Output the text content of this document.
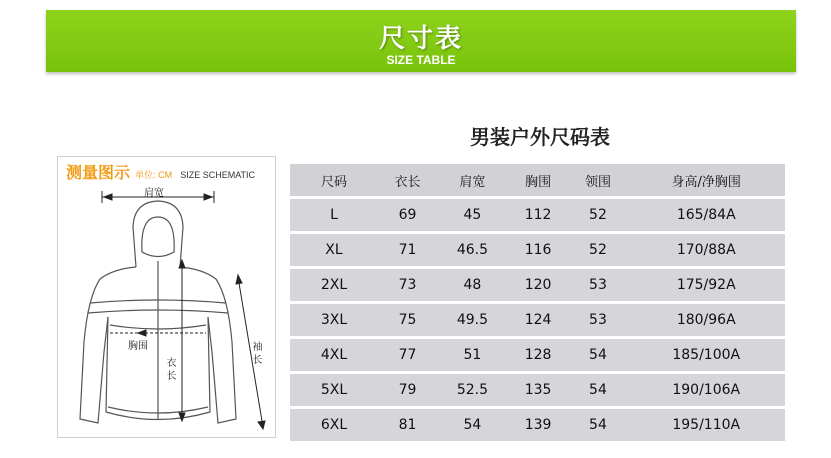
尺寸表
SIZE TABLE
男装户外尺码表
测量图示 单位: CM SIZE SCHEMATIC
肩宽
胸围
衣长
袖长
尺码	衣长	肩宽	胸围	领围	身高/净胸围
L	69	45	112	52	165/84A
XL	71	46.5	116	52	170/88A
2XL	73	48	120	53	175/92A
3XL	75	49.5	124	53	180/96A
4XL	77	51	128	54	185/100A
5XL	79	52.5	135	54	190/106A
6XL	81	54	139	54	195/110A
